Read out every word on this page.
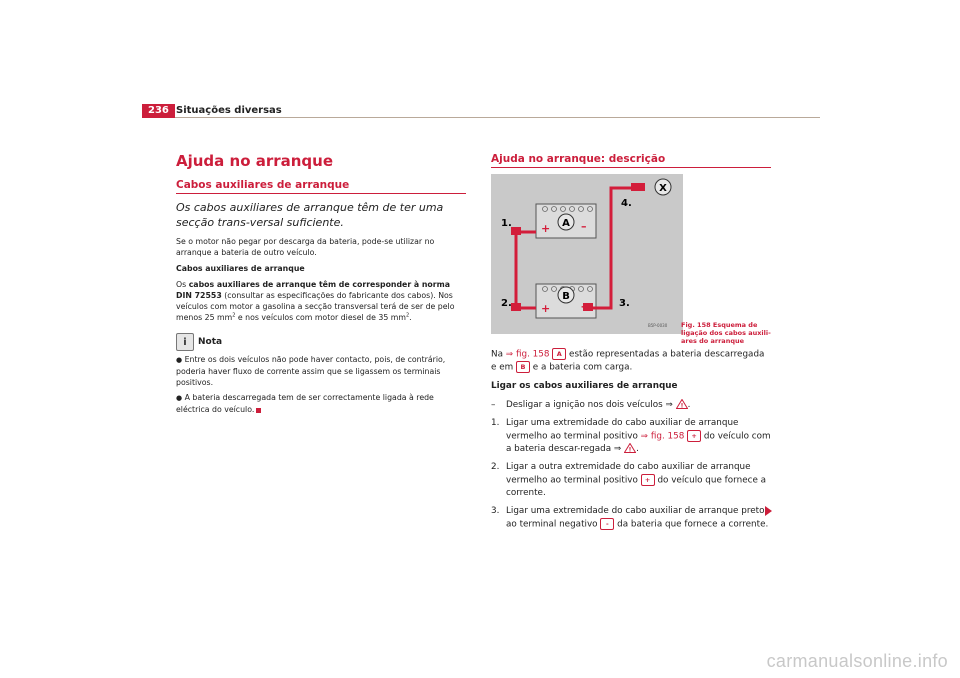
236 Situações diversas
Ajuda no arranque
Cabos auxiliares de arranque
Os cabos auxiliares de arranque têm de ter uma secção trans-versal suficiente.

Se o motor não pegar por descarga da bateria, pode-se utilizar no arranque a bateria de outro veículo.

Cabos auxiliares de arranque

Os cabos auxiliares de arranque têm de corresponder à norma DIN 72553 (consultar as especificações do fabricante dos cabos). Nos veículos com motor a gasolina a secção transversal terá de ser de pelo menos 25 $mm^2$ e nos veículos com motor diesel de 35 $mm^2$.

i	Nota

● Entre os dois veículos não pode haver contacto, pois, de contrário, poderia haver fluxo de corrente assim que se ligassem os terminais positivos.

● A bateria descarregada tem de ser correctamente ligada à rede eléctrica do veículo.

Ajuda no arranque: descrição
+	–
+	–
A
B
X
1.
2.	3.
4.
B5P-0030 Fig. 158 Esquema de ligação dos cabos auxili-ares do arranque

Na ⇒ fig. 158 A estão representadas a bateria descarregada e em B e a bateria com carga.

Ligar os cabos auxiliares de arranque

–	Desligar a ignição nos dois veículos ⇒ ! .
1. Ligar uma extremidade do cabo auxiliar de arranque vermelho ao terminal positivo ⇒ fig. 158 + do veículo com a bateria descar-regada ⇒ ! .
2. Ligar a outra extremidade do cabo auxiliar de arranque vermelho ao terminal positivo + do veículo que fornece a corrente.
3. Ligar uma extremidade do cabo auxiliar de arranque preto ao terminal negativo - da bateria que fornece a corrente.
carmanualsonline.info
